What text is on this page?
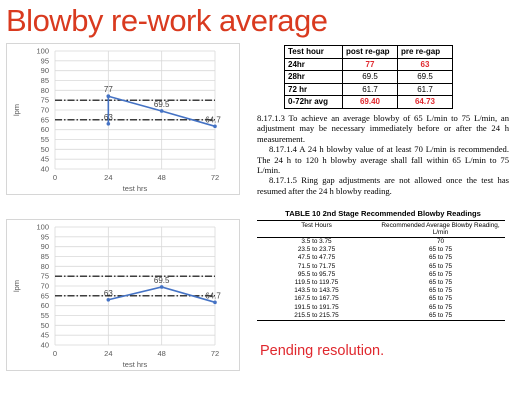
Blowby re-work average
40
45
50
55
60
65
70
75
80
85
90
95
100
0	24	48	72
test hrs
lpm
63
77
69.5
64.7
40
45
50
55
60
65
70
75
80
85
90
95
100
0	24	48	72
test hrs
lpm
63
69.5
64.7
Test hour	post re-gap	pre re-gap
24hr	77	63
28hr	69.5	69.5
72 hr	61.7	61.7
0-72hr avg	69.40	64.73

8.17.1.3 To achieve an average blowby of 65 L/min to 75 L/min, an adjustment may be necessary immediately before or after the 24 h measurement.

8.17.1.4 A 24 h blowby value of at least 70 L/min is recommended. The 24 h to 120 h blowby average shall fall within 65 L/min to 75 L/min.

8.17.1.5 Ring gap adjustments are not allowed once the test has resumed after the 24 h blowby reading.

TABLE 10 2nd Stage Recommended Blowby Readings
Test Hours	Recommended Average Blowby Reading, L/min
3.5 to 3.75	70
23.5 to 23.75	65 to 75
47.5 to 47.75	65 to 75
71.5 to 71.75	65 to 75
95.5 to 95.75	65 to 75
119.5 to 119.75	65 to 75
143.5 to 143.75	65 to 75
167.5 to 167.75	65 to 75
191.5 to 191.75	65 to 75
215.5 to 215.75	65 to 75
Pending resolution.
